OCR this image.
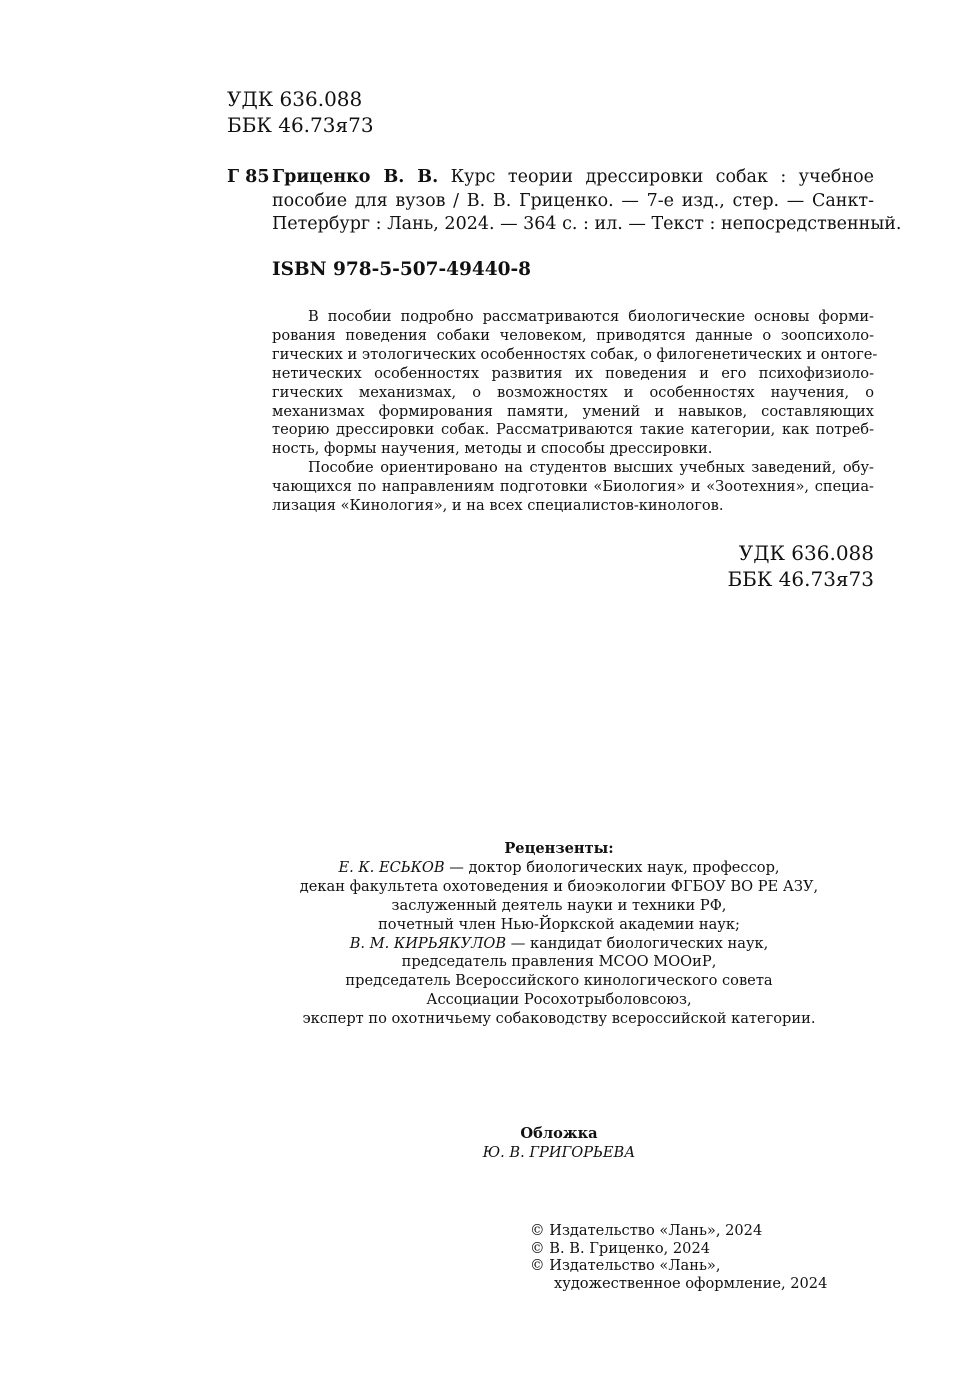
УДК 636.088
ББК 46.73я73
Г 85 Гриценко В. В. Курс теории дрессировки собак : учебное
пособие для вузов / В. В. Гриценко. — 7-е изд., стер. — Санкт-
Петербург : Лань, 2024. — 364 с. : ил. — Текст : непосредственный.
ISBN 978-5-507-49440-8
В пособии подробно рассматриваются биологические основы форми-
рования поведения собаки человеком, приводятся данные о зоопсихоло-
гических и этологических особенностях собак, о филогенетических и онтоге-
нетических особенностях развития их поведения и его психофизиоло-
гических механизмах, о возможностях и особенностях научения, о
механизмах формирования памяти, умений и навыков, составляющих
теорию дрессировки собак. Рассматриваются такие категории, как потреб-
ность, формы научения, методы и способы дрессировки.
Пособие ориентировано на студентов высших учебных заведений, обу-
чающихся по направлениям подготовки «Биология» и «Зоотехния», специа-
лизация «Кинология», и на всех специалистов-кинологов.
УДК 636.088
ББК 46.73я73
Рецензенты:
Е. К. ЕСЬКОВ — доктор биологических наук, профессор,
декан факультета охотоведения и биоэкологии ФГБОУ ВО РЕ АЗУ,
заслуженный деятель науки и техники РФ,
почетный член Нью-Йоркской академии наук;
В. М. КИРЬЯКУЛОВ — кандидат биологических наук,
председатель правления МСОО МООиР,
председатель Всероссийского кинологического совета
Ассоциации Росохотрыболовсоюз,
эксперт по охотничьему собаководству всероссийской категории.
Обложка
Ю. В. ГРИГОРЬЕВА
© Издательство «Лань», 2024
© В. В. Гриценко, 2024
© Издательство «Лань»,
художественное оформление, 2024
